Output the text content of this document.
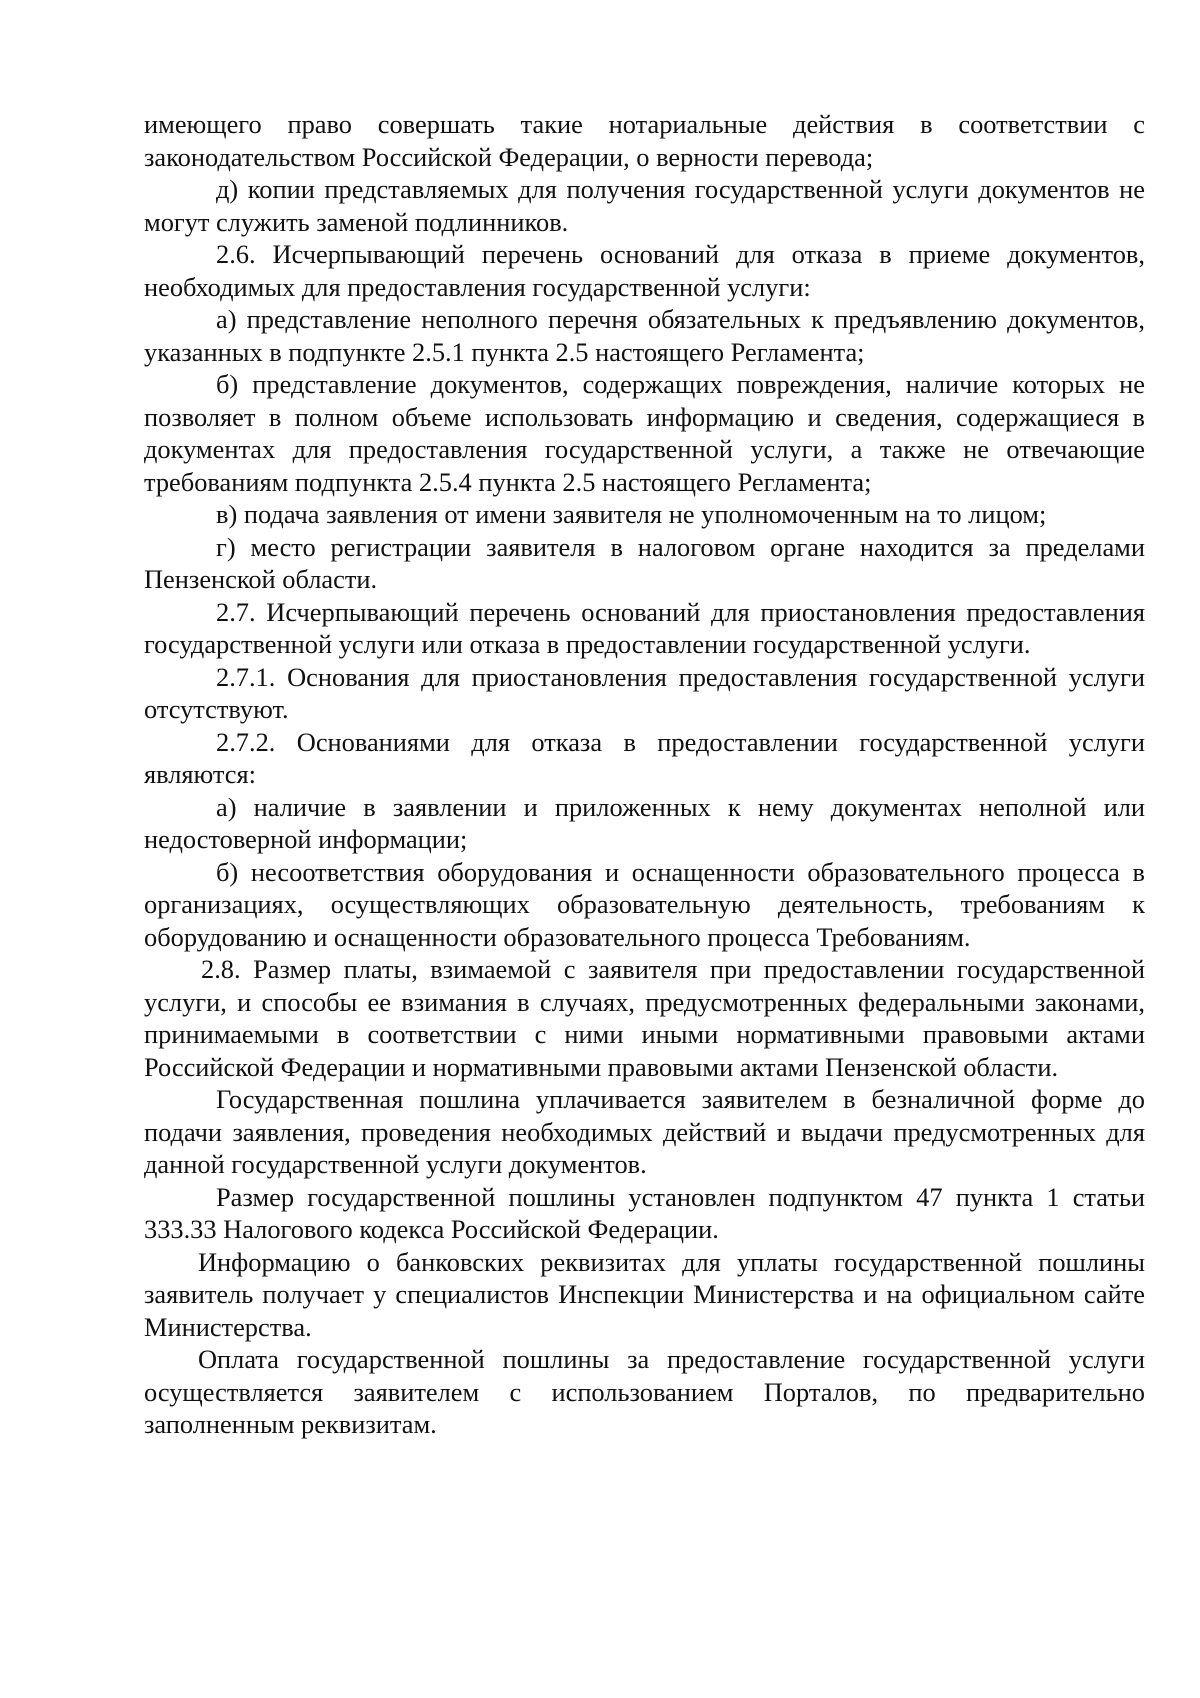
имеющего право совершать такие нотариальные действия в соответствии с законодательством Российской Федерации, о верности перевода;

д) копии представляемых для получения государственной услуги документов не могут служить заменой подлинников.

2.6. Исчерпывающий перечень оснований для отказа в приеме документов, необходимых для предоставления государственной услуги:

а) представление неполного перечня обязательных к предъявлению документов, указанных в подпункте 2.5.1 пункта 2.5 настоящего Регламента;

б) представление документов, содержащих повреждения, наличие которых не позволяет в полном объеме использовать информацию и сведения, содержащиеся в документах для предоставления государственной услуги, а также не отвечающие требованиям подпункта 2.5.4 пункта 2.5 настоящего Регламента;

в) подача заявления от имени заявителя не уполномоченным на то лицом;

г) место регистрации заявителя в налоговом органе находится за пределами Пензенской области.

2.7. Исчерпывающий перечень оснований для приостановления предоставления государственной услуги или отказа в предоставлении государственной услуги.

2.7.1. Основания для приостановления предоставления государственной услуги отсутствуют.

2.7.2. Основаниями для отказа в предоставлении государственной услуги являются:

а) наличие в заявлении и приложенных к нему документах неполной или недостоверной информации;

б) несоответствия оборудования и оснащенности образовательного процесса в организациях, осуществляющих образовательную деятельность, требованиям к оборудованию и оснащенности образовательного процесса Требованиям.

2.8. Размер платы, взимаемой с заявителя при предоставлении государственной услуги, и способы ее взимания в случаях, предусмотренных федеральными законами, принимаемыми в соответствии с ними иными нормативными правовыми актами Российской Федерации и нормативными правовыми актами Пензенской области.

Государственная пошлина уплачивается заявителем в безналичной форме до подачи заявления, проведения необходимых действий и выдачи предусмотренных для данной государственной услуги документов.

Размер государственной пошлины установлен подпунктом 47 пункта 1 статьи 333.33 Налогового кодекса Российской Федерации.

Информацию о банковских реквизитах для уплаты государственной пошлины заявитель получает у специалистов Инспекции Министерства и на официальном сайте Министерства.

Оплата государственной пошлины за предоставление государственной услуги осуществляется заявителем с использованием Порталов, по предварительно заполненным реквизитам.
